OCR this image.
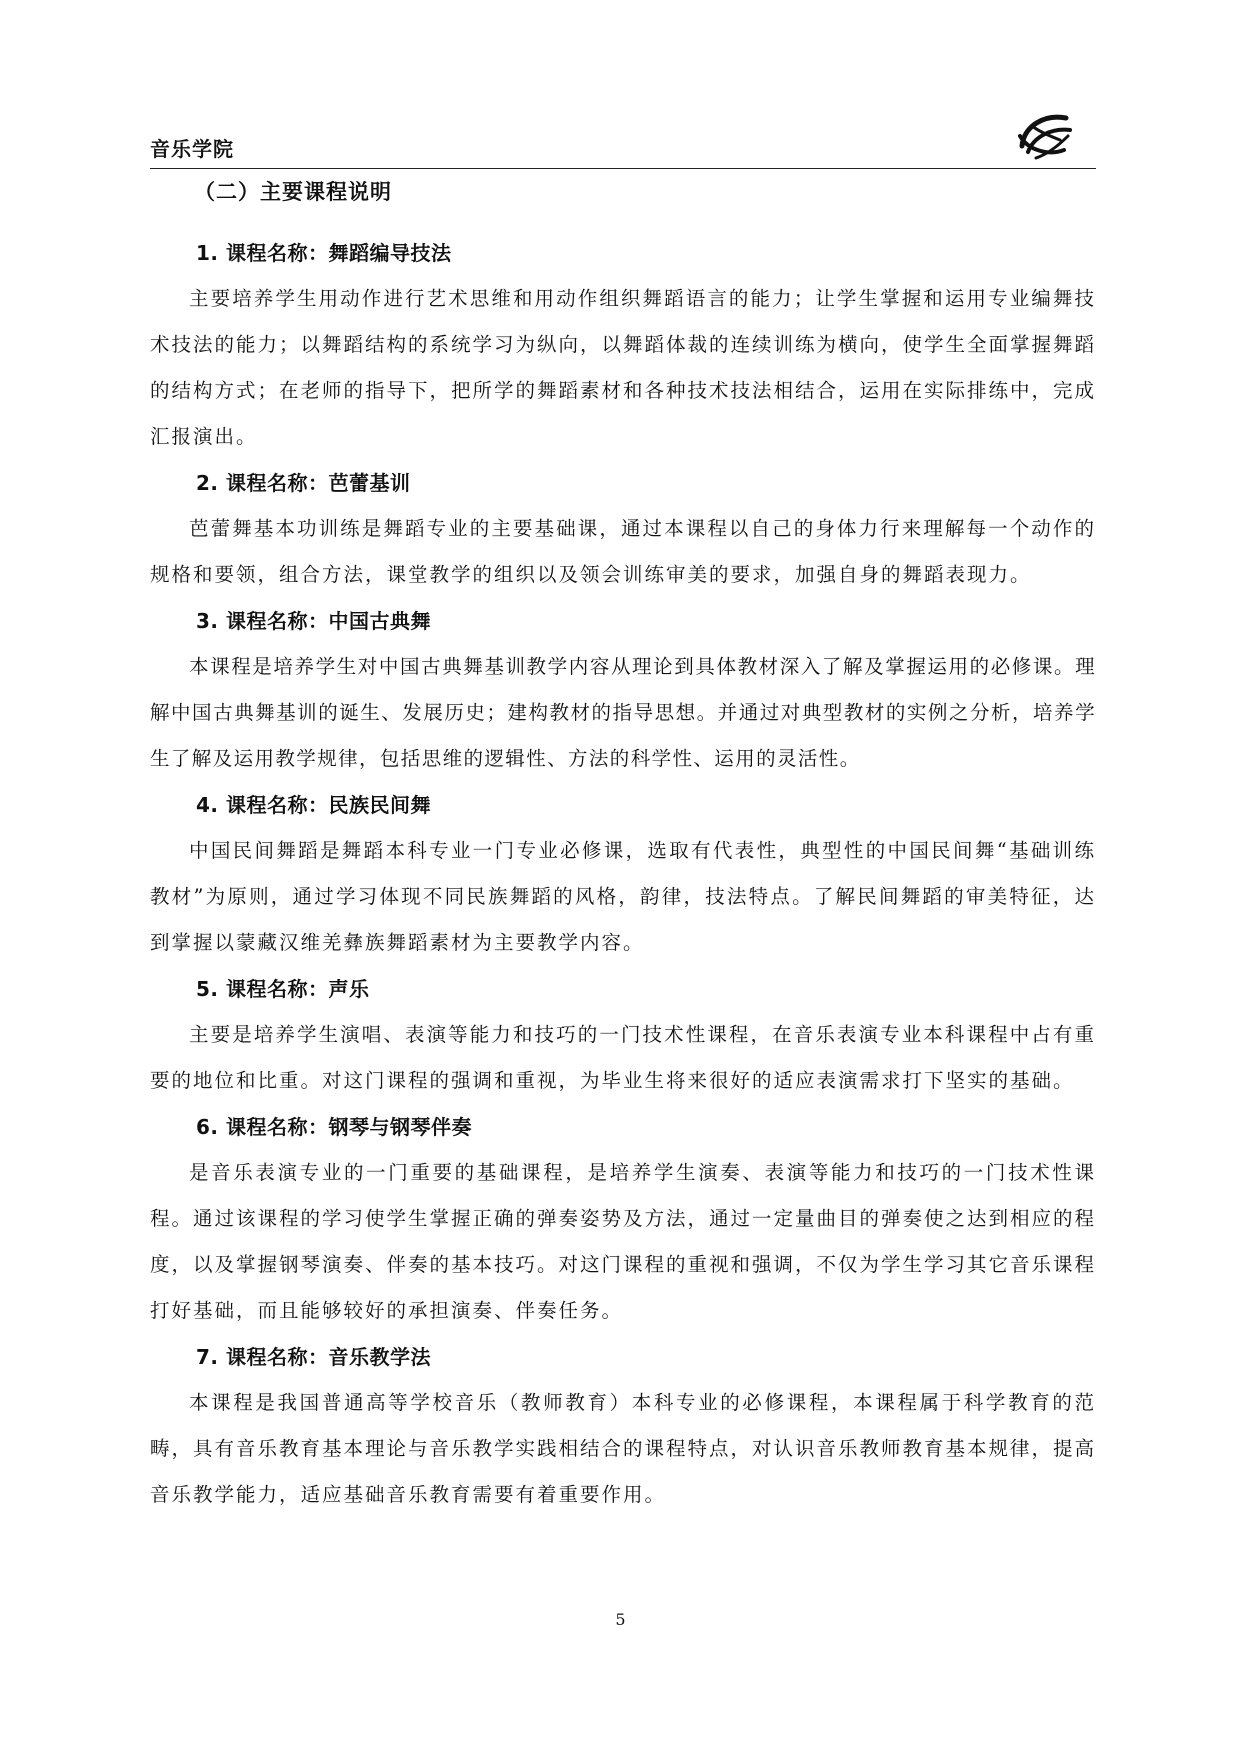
音乐学院
（二）主要课程说明
1. 课程名称：舞蹈编导技法

主要培养学生用动作进行艺术思维和用动作组织舞蹈语言的能力；让学生掌握和运用专业编舞技术技法的能力；以舞蹈结构的系统学习为纵向，以舞蹈体裁的连续训练为横向，使学生全面掌握舞蹈的结构方式；在老师的指导下，把所学的舞蹈素材和各种技术技法相结合，运用在实际排练中，完成汇报演出。

2. 课程名称：芭蕾基训

芭蕾舞基本功训练是舞蹈专业的主要基础课，通过本课程以自己的身体力行来理解每一个动作的规格和要领，组合方法，课堂教学的组织以及领会训练审美的要求，加强自身的舞蹈表现力。

3. 课程名称：中国古典舞

本课程是培养学生对中国古典舞基训教学内容从理论到具体教材深入了解及掌握运用的必修课。理解中国古典舞基训的诞生、发展历史；建构教材的指导思想。并通过对典型教材的实例之分析，培养学生了解及运用教学规律，包括思维的逻辑性、方法的科学性、运用的灵活性。

4. 课程名称：民族民间舞

中国民间舞蹈是舞蹈本科专业一门专业必修课，选取有代表性，典型性的中国民间舞“基础训练教材”为原则，通过学习体现不同民族舞蹈的风格，韵律，技法特点。了解民间舞蹈的审美特征，达到掌握以蒙藏汉维羌彝族舞蹈素材为主要教学内容。

5. 课程名称：声乐

主要是培养学生演唱、表演等能力和技巧的一门技术性课程，在音乐表演专业本科课程中占有重要的地位和比重。对这门课程的强调和重视，为毕业生将来很好的适应表演需求打下坚实的基础。

6. 课程名称：钢琴与钢琴伴奏

是音乐表演专业的一门重要的基础课程，是培养学生演奏、表演等能力和技巧的一门技术性课程。通过该课程的学习使学生掌握正确的弹奏姿势及方法，通过一定量曲目的弹奏使之达到相应的程度，以及掌握钢琴演奏、伴奏的基本技巧。对这门课程的重视和强调，不仅为学生学习其它音乐课程打好基础，而且能够较好的承担演奏、伴奏任务。

7. 课程名称：音乐教学法

本课程是我国普通高等学校音乐（教师教育）本科专业的必修课程，本课程属于科学教育的范畴，具有音乐教育基本理论与音乐教学实践相结合的课程特点，对认识音乐教师教育基本规律，提高音乐教学能力，适应基础音乐教育需要有着重要作用。

5
